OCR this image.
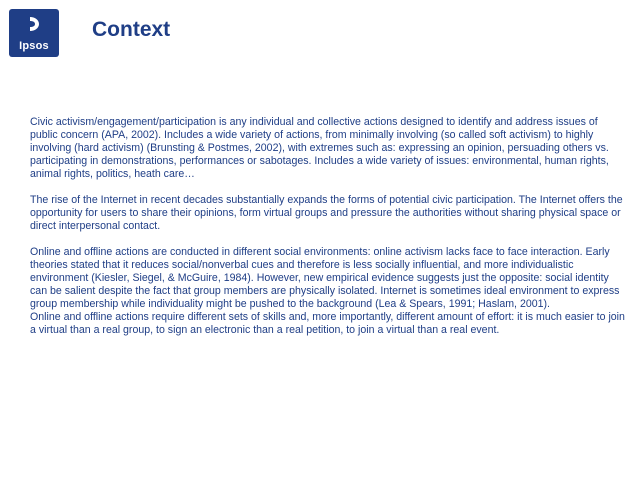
Ipsos
Context

Civic activism/engagement/participation is any individual and collective actions designed to identify and address issues of public concern (APA, 2002). Includes a wide variety of actions, from minimally involving (so called soft activism) to highly involving (hard activism) (Brunsting & Postmes, 2002), with extremes such as: expressing an opinion, persuading others vs. participating in demonstrations, performances or sabotages. Includes a wide variety of issues: environmental, human rights, animal rights, politics, heath care…

The rise of the Internet in recent decades substantially expands the forms of potential civic participation. The Internet offers the opportunity for users to share their opinions, form virtual groups and pressure the authorities without sharing physical space or direct interpersonal contact.

Online and offline actions are conducted in different social environments: online activism lacks face to face interaction. Early theories stated that it reduces social/nonverbal cues and therefore is less socially influential, and more individualistic environment (Kiesler, Siegel, & McGuire, 1984). However, new empirical evidence suggests just the opposite: social identity can be salient despite the fact that group members are physically isolated. Internet is sometimes ideal environment to express group membership while individuality might be pushed to the background (Lea & Spears, 1991; Haslam, 2001).

Online and offline actions require different sets of skills and, more importantly, different amount of effort: it is much easier to join a virtual than a real group, to sign an electronic than a real petition, to join a virtual than a real event.
